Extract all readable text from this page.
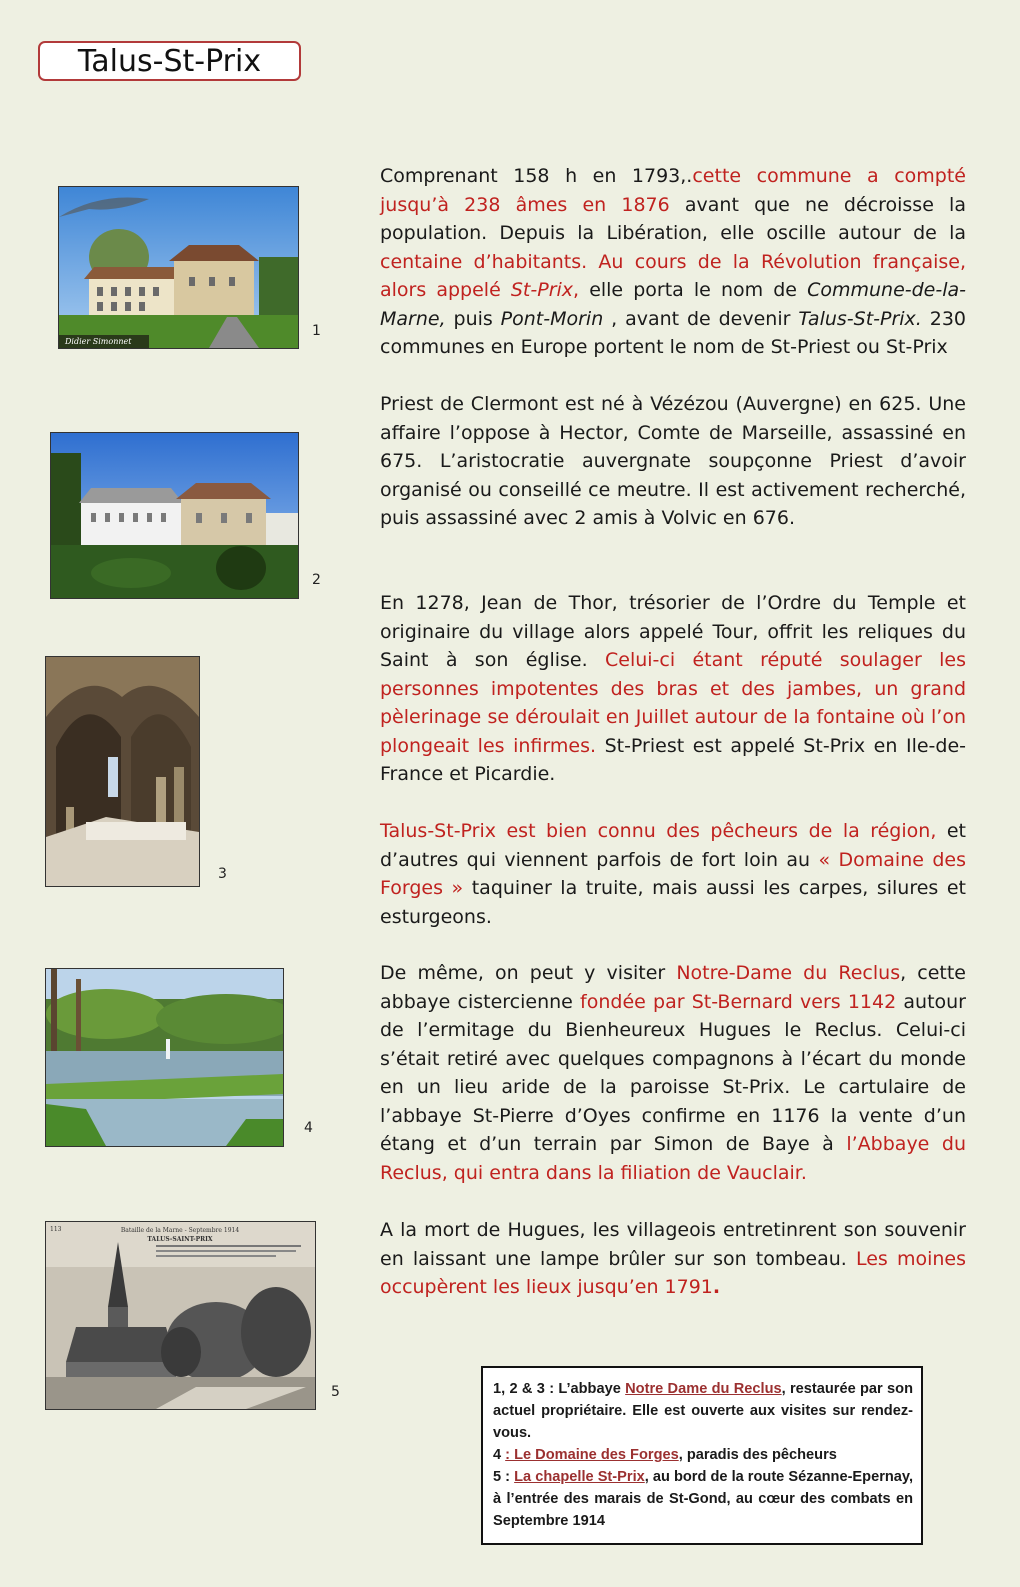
Talus-St-Prix
Didier Simonnet
1
2
3
4
Bataille de la Marne - Septembre 1914
TALUS-SAINT-PRIX
113
5

Comprenant 158 h en 1793,.cette commune a compté jusqu’à 238 âmes en 1876 avant que ne décroisse la population. Depuis la Libération, elle oscille autour de la centaine d’habitants. Au cours de la Révolution française, alors appelé St-Prix, elle porta le nom de Commune-de-la-Marne, puis Pont-Morin , avant de devenir Talus-St-Prix. 230 communes en Europe portent le nom de St-Priest ou St-Prix

Priest de Clermont est né à Vézézou (Auvergne) en 625. Une affaire l’oppose à Hector, Comte de Marseille, assassiné en 675. L’aristocratie auvergnate soupçonne Priest d’avoir organisé ou conseillé ce meutre. Il est activement recherché, puis assassiné avec 2 amis à Volvic en 676.

En 1278, Jean de Thor, trésorier de l’Ordre du Temple et originaire du village alors appelé Tour, offrit les reliques du Saint à son église. Celui-ci étant réputé soulager les personnes impotentes des bras et des jambes, un grand pèlerinage se déroulait en Juillet autour de la fontaine où l’on plongeait les infirmes. St-Priest est appelé St-Prix en Ile-de-France et Picardie.

Talus-St-Prix est bien connu des pêcheurs de la région, et d’autres qui viennent parfois de fort loin au « Domaine des Forges » taquiner la truite, mais aussi les carpes, silures et esturgeons.

De même, on peut y visiter Notre-Dame du Reclus, cette abbaye cistercienne fondée par St-Bernard vers 1142 autour de l’ermitage du Bienheureux Hugues le Reclus. Celui-ci s’était retiré avec quelques compagnons à l’écart du monde en un lieu aride de la paroisse St-Prix. Le cartulaire de l’abbaye St-Pierre d’Oyes confirme en 1176 la vente d’un étang et d’un terrain par Simon de Baye à l’Abbaye du Reclus, qui entra dans la filiation de Vauclair.

A la mort de Hugues, les villageois entretinrent son souvenir en laissant une lampe brûler sur son tombeau. Les moines occupèrent les lieux jusqu’en 1791.

1, 2 & 3 : L’abbaye Notre Dame du Reclus, restaurée par son actuel propriétaire. Elle est ouverte aux visites sur rendez-vous.
4 : Le Domaine des Forges, paradis des pêcheurs
5 : La chapelle St-Prix, au bord de la route Sézanne-Epernay, à l’entrée des marais de St-Gond, au cœur des combats en Septembre 1914
